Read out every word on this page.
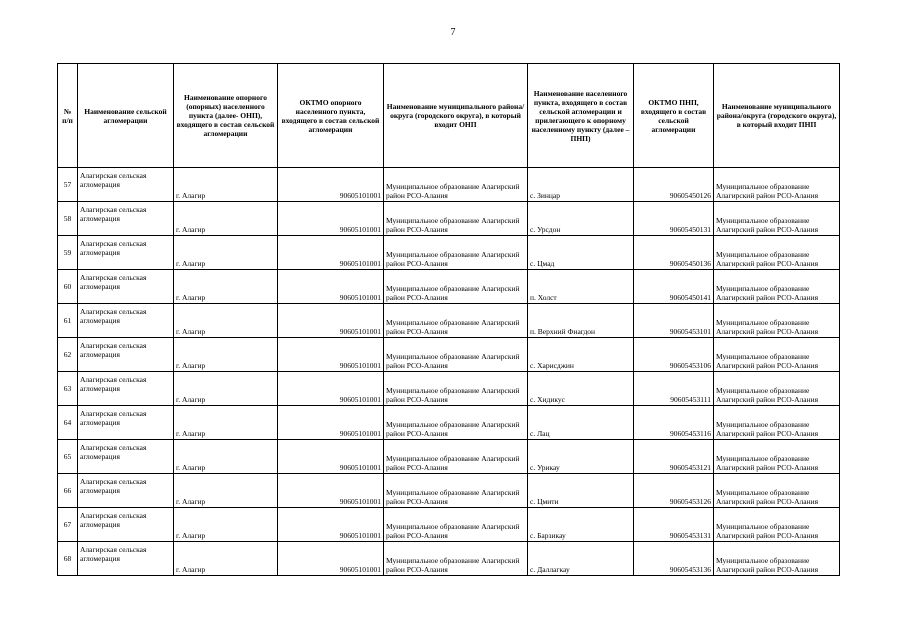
7
№ п/п	Наименование сельской агломерации	Наименование опорного (опорных) населенного пункта (далее- ОНП), входящего в состав сельской агломерации	ОКТМО опорного населенного пункта, входящего в состав сельской агломерации	Наименование муниципального района/округа (городского округа), в который входит ОНП	Наименование населенного пункта, входящего в состав сельской агломерации и прилегающего к опорному населенному пункту (далее – ПНП)	ОКТМО ПНП, входящего в состав сельской агломерации	Наименование муниципального района/округа (городского округа), в который входит ПНП
57	Алагирская сельская агломерация	г. Алагир	90605101001	Муниципальное образование Алагирский район РСО-Алания	с. Зинцар	90605450126	Муниципальное образование Алагирский район РСО-Алания
58	Алагирская сельская агломерация	г. Алагир	90605101001	Муниципальное образование Алагирский район РСО-Алания	с. Урсдон	90605450131	Муниципальное образование Алагирский район РСО-Алания
59	Алагирская сельская агломерация	г. Алагир	90605101001	Муниципальное образование Алагирский район РСО-Алания	с. Цмад	90605450136	Муниципальное образование Алагирский район РСО-Алания
60	Алагирская сельская агломерация	г. Алагир	90605101001	Муниципальное образование Алагирский район РСО-Алания	п. Холст	90605450141	Муниципальное образование Алагирский район РСО-Алания
61	Алагирская сельская агломерация	г. Алагир	90605101001	Муниципальное образование Алагирский район РСО-Алания	п. Верхний Фиагдон	90605453101	Муниципальное образование Алагирский район РСО-Алания
62	Алагирская сельская агломерация	г. Алагир	90605101001	Муниципальное образование Алагирский район РСО-Алания	с. Харисджин	90605453106	Муниципальное образование Алагирский район РСО-Алания
63	Алагирская сельская агломерация	г. Алагир	90605101001	Муниципальное образование Алагирский район РСО-Алания	с. Хидикус	90605453111	Муниципальное образование Алагирский район РСО-Алания
64	Алагирская сельская агломерация	г. Алагир	90605101001	Муниципальное образование Алагирский район РСО-Алания	с. Лац	90605453116	Муниципальное образование Алагирский район РСО-Алания
65	Алагирская сельская агломерация	г. Алагир	90605101001	Муниципальное образование Алагирский район РСО-Алания	с. Урикау	90605453121	Муниципальное образование Алагирский район РСО-Алания
66	Алагирская сельская агломерация	г. Алагир	90605101001	Муниципальное образование Алагирский район РСО-Алания	с. Цмити	90605453126	Муниципальное образование Алагирский район РСО-Алания
67	Алагирская сельская агломерация	г. Алагир	90605101001	Муниципальное образование Алагирский район РСО-Алания	с. Барзикау	90605453131	Муниципальное образование Алагирский район РСО-Алания
68	Алагирская сельская агломерация	г. Алагир	90605101001	Муниципальное образование Алагирский район РСО-Алания	с. Даллагкау	90605453136	Муниципальное образование Алагирский район РСО-Алания
